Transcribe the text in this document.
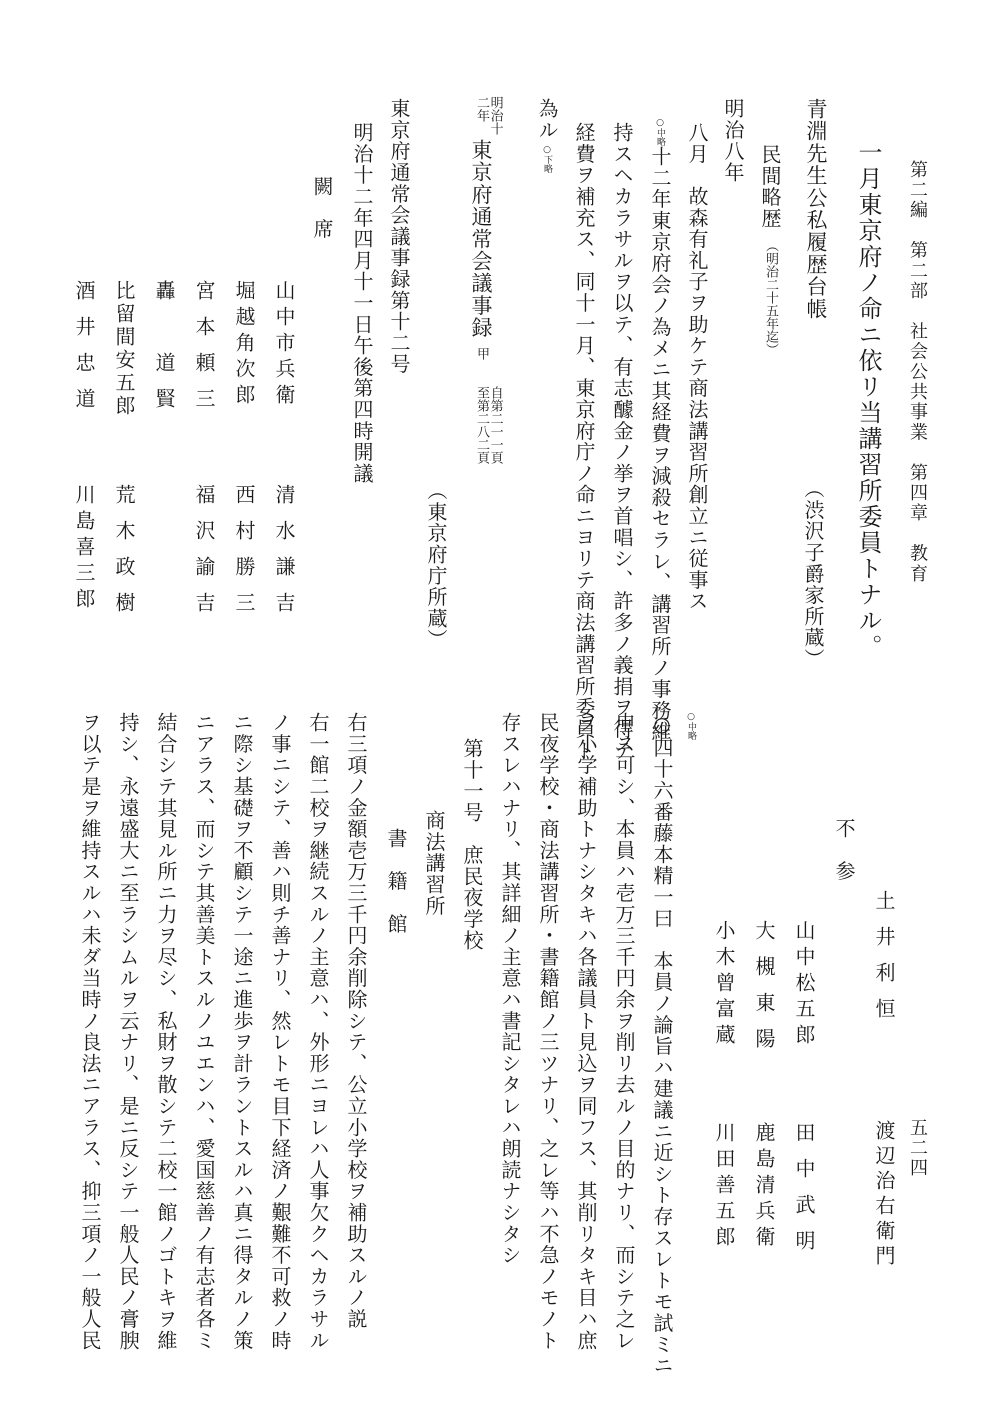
第二編　第二部　社会公共事業　第四章　教育
五二四
一月東京府ノ命ニ依リ当講習所委員トナル。
青淵先生公私履歴台帳
（渋沢子爵家所蔵）
民間略歴（明治二十五年迄）
明治八年
八月　故森有礼子ヲ助ケテ商法講習所創立ニ従事ス
○中略十二年東京府会ノ為メニ其経費ヲ減殺セラレ、講習所ノ事務維
持スヘカラサルヲ以テ、有志醵金ノ挙ヲ首唱シ、許多ノ義捐ヲ得テ
経費ヲ補充ス、同十一月、東京府庁ノ命ニヨリテ商法講習所委員ト
為ル○下略
明治十
二年
東京府通常会議事録甲
自第二一一頁
至第二八二頁
（東京府庁所蔵）
東京府通常会議事録第十二号
明治十二年四月十一日午後第四時開議
闕　席
山中市兵衛
堀越角次郎
宮本頼三
轟　道賢
比留間安五郎
酒井忠道
清水謙吉
西村勝三
福沢諭吉
荒木政樹
川島喜三郎
土井利恒
渡辺治右衛門
不　参
山中松五郎
大槻東陽
小木曾富蔵
田中武明
鹿島清兵衛
川田善五郎
○中略
○四十六番藤本精一曰　本員ノ論旨ハ建議ニ近シト存スレトモ試ミニ
申ス可シ、本員ハ壱万三千円余ヲ削リ去ルノ目的ナリ、而シテ之レ
ヲ小学補助トナシタキハ各議員ト見込ヲ同フス、其削リタキ目ハ庶
民夜学校・商法講習所・書籍館ノ三ツナリ、之レ等ハ不急ノモノト
存スレハナリ、其詳細ノ主意ハ書記シタレハ朗読ナシタシ
第十一号　庶民夜学校
商法講習所
書　籍　館
右三項ノ金額壱万三千円余削除シテ、公立小学校ヲ補助スルノ説
右一館二校ヲ継続スルノ主意ハ、外形ニヨレハ人事欠クヘカラサル
ノ事ニシテ、善ハ則チ善ナリ、然レトモ目下経済ノ艱難不可救ノ時
ニ際シ基礎ヲ不顧シテ一途ニ進歩ヲ計ラントスルハ真ニ得タルノ策
ニアラス、而シテ其善美トスルノユエンハ、愛国慈善ノ有志者各ミ
結合シテ其見ル所ニ力ヲ尽シ、私財ヲ散シテ二校一館ノゴトキヲ維
持シ、永遠盛大ニ至ラシムルヲ云ナリ、是ニ反シテ一般人民ノ膏腴
ヲ以テ是ヲ維持スルハ未ダ当時ノ良法ニアラス、抑三項ノ一般人民
